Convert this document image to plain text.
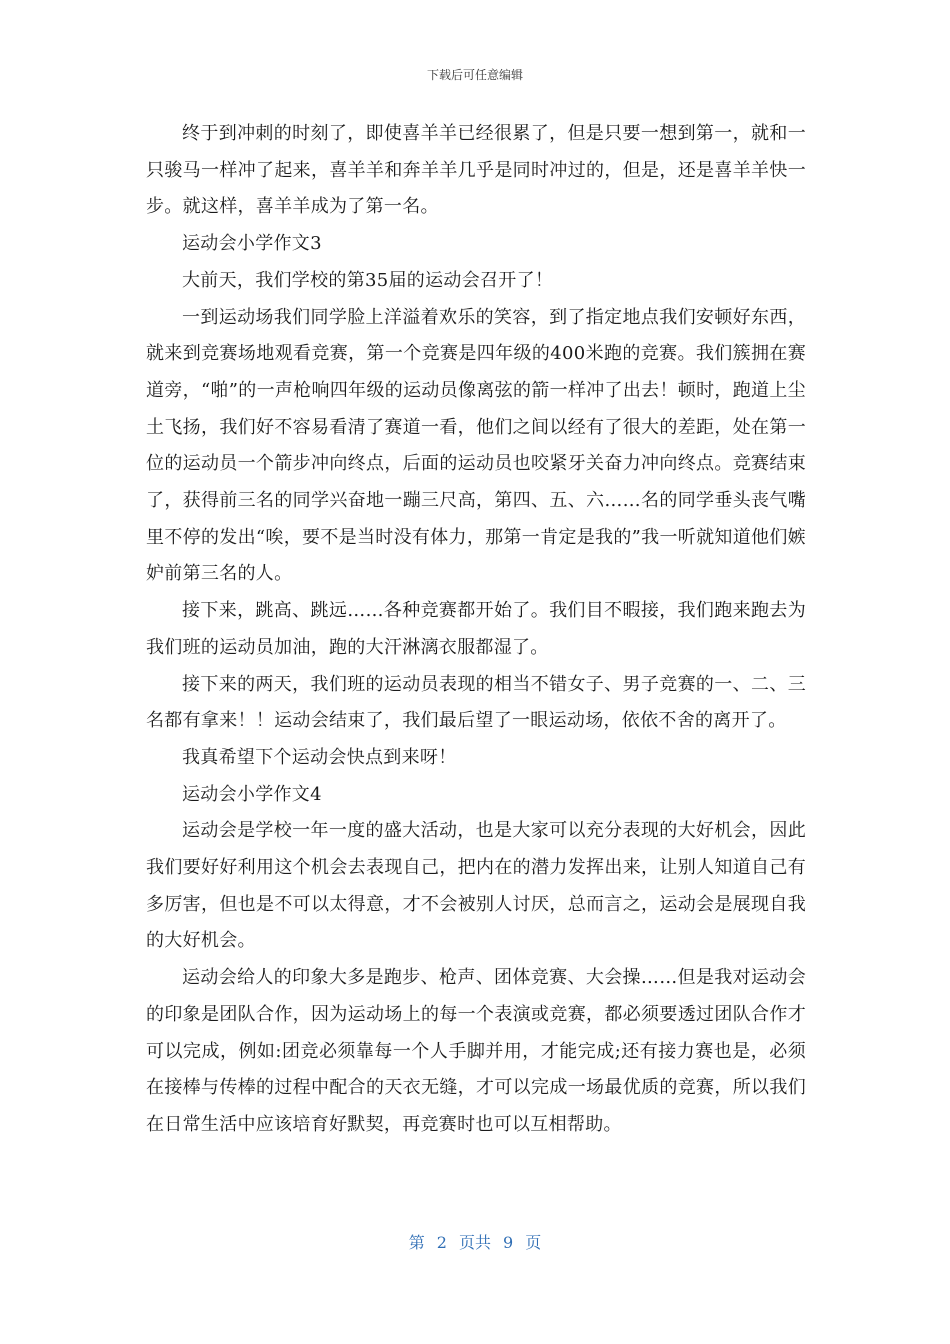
下载后可任意编辑

终于到冲刺的时刻了，即使喜羊羊已经很累了，但是只要一想到第一，就和一只骏马一样冲了起来，喜羊羊和奔羊羊几乎是同时冲过的，但是，还是喜羊羊快一步。就这样，喜羊羊成为了第一名。

运动会小学作文3

大前天，我们学校的第35届的运动会召开了！

一到运动场我们同学脸上洋溢着欢乐的笑容，到了指定地点我们安顿好东西，就来到竞赛场地观看竞赛，第一个竞赛是四年级的400米跑的竞赛。我们簇拥在赛道旁，“啪”的一声枪响四年级的运动员像离弦的箭一样冲了出去！顿时，跑道上尘土飞扬，我们好不容易看清了赛道一看，他们之间以经有了很大的差距，处在第一位的运动员一个箭步冲向终点，后面的运动员也咬紧牙关奋力冲向终点。竞赛结束了，获得前三名的同学兴奋地一蹦三尺高，第四、五、六……名的同学垂头丧气嘴里不停的发出“唉，要不是当时没有体力，那第一肯定是我的”我一听就知道他们嫉妒前第三名的人。

接下来，跳高、跳远……各种竞赛都开始了。我们目不暇接，我们跑来跑去为我们班的运动员加油，跑的大汗淋漓衣服都湿了。

接下来的两天，我们班的运动员表现的相当不错女子、男子竞赛的一、二、三名都有拿来！！运动会结束了，我们最后望了一眼运动场，依依不舍的离开了。

我真希望下个运动会快点到来呀！

运动会小学作文4

运动会是学校一年一度的盛大活动，也是大家可以充分表现的大好机会，因此我们要好好利用这个机会去表现自己，把内在的潜力发挥出来，让别人知道自己有多厉害，但也是不可以太得意，才不会被别人讨厌，总而言之，运动会是展现自我的大好机会。

运动会给人的印象大多是跑步、枪声、团体竞赛、大会操……但是我对运动会的印象是团队合作，因为运动场上的每一个表演或竞赛，都必须要透过团队合作才可以完成，例如:团竞必须靠每一个人手脚并用，才能完成;还有接力赛也是，必须在接棒与传棒的过程中配合的天衣无缝，才可以完成一场最优质的竞赛，所以我们在日常生活中应该培育好默契，再竞赛时也可以互相帮助。

第 2 页共 9 页
